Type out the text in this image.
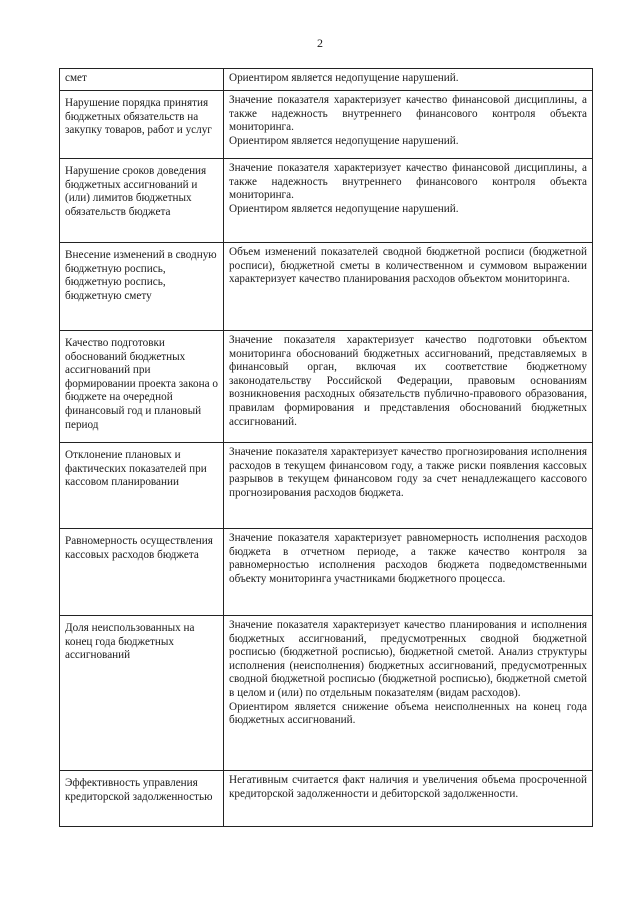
2
смет	Ориентиром является недопущение нарушений.

Нарушение порядка принятия бюджетных обязательств на закупку товаров, работ и услуг	Значение показателя характеризует качество финансовой дисциплины, а также надежность внутреннего финансового контроля объекта мониторинга.
Ориентиром является недопущение нарушений.

Нарушение сроков доведения бюджетных ассигнований и (или) лимитов бюджетных обязательств бюджета	Значение показателя характеризует качество финансовой дисциплины, а также надежность внутреннего финансового контроля объекта мониторинга.
Ориентиром является недопущение нарушений.

Внесение изменений в сводную бюджетную роспись, бюджетную роспись, бюджетную смету	Объем изменений показателей сводной бюджетной росписи (бюджетной росписи), бюджетной сметы в количественном и суммовом выражении характеризует качество планирования расходов объектом мониторинга.

Качество подготовки обоснований бюджетных ассигнований при формировании проекта закона о бюджете на очередной финансовый год и плановый период	Значение показателя характеризует качество подготовки объектом мониторинга обоснований бюджетных ассигнований, представляемых в финансовый орган, включая их соответствие бюджетному законодательству Российской Федерации, правовым основаниям возникновения расходных обязательств публично-правового образования, правилам формирования и представления обоснований бюджетных ассигнований.

Отклонение плановых и фактических показателей при кассовом планировании	Значение показателя характеризует качество прогнозирования исполнения расходов в текущем финансовом году, а также риски появления кассовых разрывов в текущем финансовом году за счет ненадлежащего кассового прогнозирования расходов бюджета.

Равномерность осуществления кассовых расходов бюджета	Значение показателя характеризует равномерность исполнения расходов бюджета в отчетном периоде, а также качество контроля за равномерностью исполнения расходов бюджета подведомственными объекту мониторинга участниками бюджетного процесса.

Доля неиспользованных на конец года бюджетных ассигнований	Значение показателя характеризует качество планирования и исполнения бюджетных ассигнований, предусмотренных сводной бюджетной росписью (бюджетной росписью), бюджетной сметой. Анализ структуры исполнения (неисполнения) бюджетных ассигнований, предусмотренных сводной бюджетной росписью (бюджетной росписью), бюджетной сметой в целом и (или) по отдельным показателям (видам расходов).
Ориентиром является снижение объема неисполненных на конец года бюджетных ассигнований.

Эффективность управления кредиторской задолженностью	Негативным считается факт наличия и увеличения объема просроченной кредиторской задолженности и дебиторской задолженности.
